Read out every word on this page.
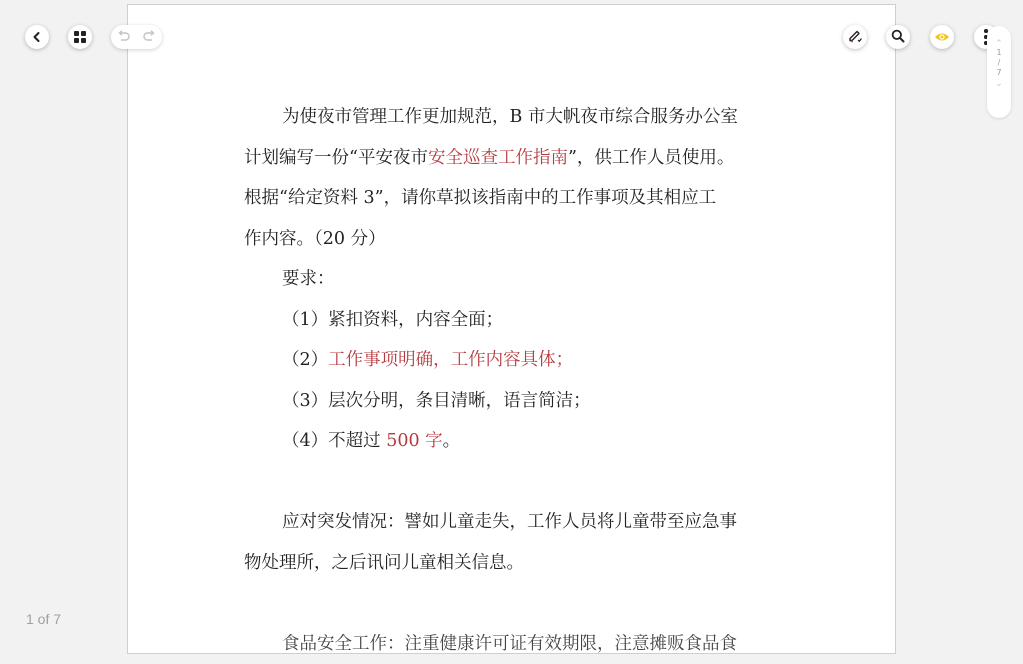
为使夜市管理工作更加规范，B 市大帆夜市综合服务办公室
计划编写一份“平安夜市安全巡查工作指南”，供工作人员使用。
根据“给定资料 3”，请你草拟该指南中的工作事项及其相应工
作内容。（20 分）
要求：
（1）紧扣资料，内容全面；
（2）工作事项明确，工作内容具体；
（3）层次分明，条目清晰，语言简洁；
（4）不超过 500 字。
应对突发情况：譬如儿童走失，工作人员将儿童带至应急事
物处理所，之后讯问儿童相关信息。
食品安全工作：注重健康许可证有效期限，注意摊贩食品食
⌃
1
/
7
⌄
1 of 7
